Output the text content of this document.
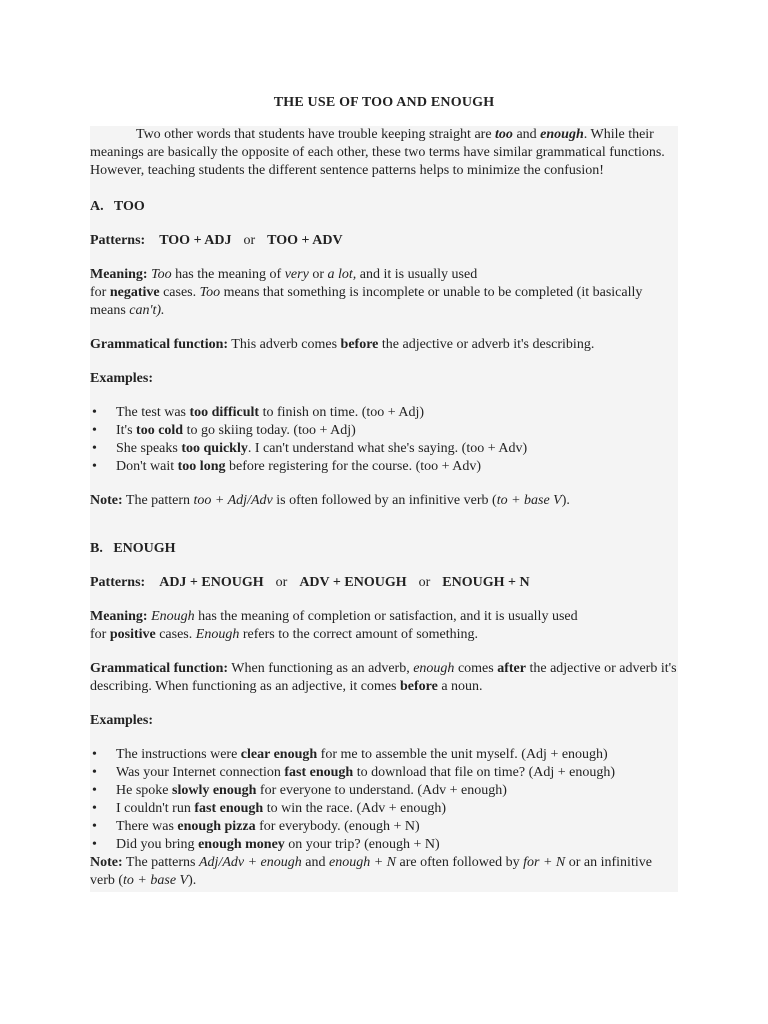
THE USE OF TOO AND ENOUGH

Two other words that students have trouble keeping straight are too and enough. While their meanings are basically the opposite of each other, these two terms have similar grammatical functions. However, teaching students the different sentence patterns helps to minimize the confusion!

A.   TOO

Patterns: TOO + ADJ or TOO + ADV

Meaning: Too has the meaning of very or a lot, and it is usually used
for negative cases. Too means that something is incomplete or unable to be completed (it basically means can't).

Grammatical function: This adverb comes before the adjective or adverb it's describing.

Examples:

• The test was too difficult to finish on time. (too + Adj)
• It's too cold to go skiing today. (too + Adj)
• She speaks too quickly. I can't understand what she's saying. (too + Adv)
• Don't wait too long before registering for the course. (too + Adv)

Note: The pattern too + Adj/Adv is often followed by an infinitive verb (to + base V).

B.   ENOUGH

Patterns: ADJ + ENOUGH or ADV + ENOUGH or ENOUGH + N

Meaning: Enough has the meaning of completion or satisfaction, and it is usually used
for positive cases. Enough refers to the correct amount of something.

Grammatical function: When functioning as an adverb, enough comes after the adjective or adverb it's describing. When functioning as an adjective, it comes before a noun.

Examples:

• The instructions were clear enough for me to assemble the unit myself. (Adj + enough)
• Was your Internet connection fast enough to download that file on time? (Adj + enough)
• He spoke slowly enough for everyone to understand. (Adv + enough)
• I couldn't run fast enough to win the race. (Adv + enough)
• There was enough pizza for everybody. (enough + N)
• Did you bring enough money on your trip? (enough + N)

Note: The patterns Adj/Adv + enough and enough + N are often followed by for + N or an infinitive verb (to + base V).
